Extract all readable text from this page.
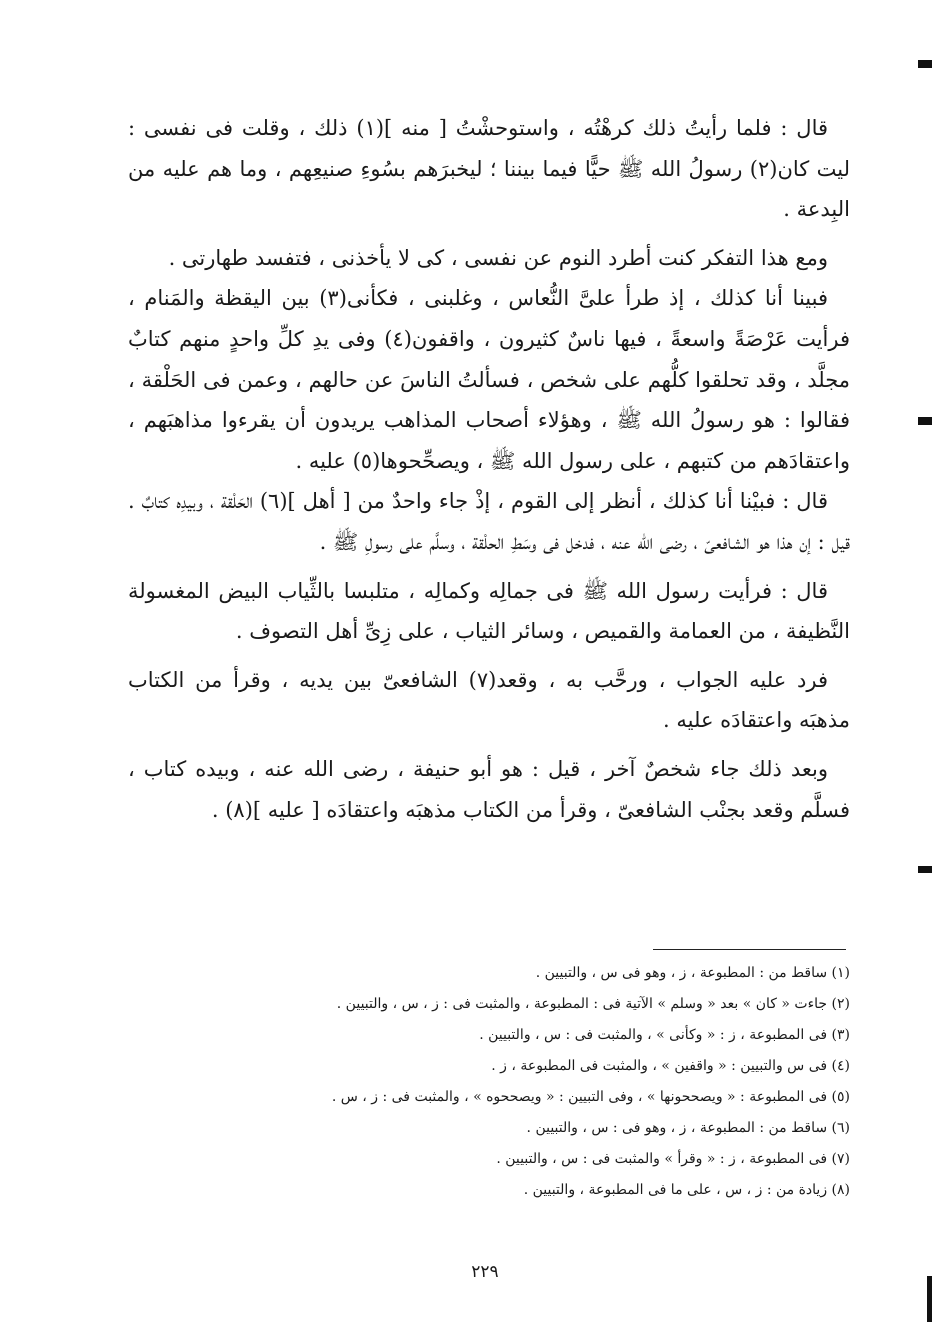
قال : فلما رأيتُ ذلك كرهْتُه ، واستوحشْتُ [ منه ](١) ذلك ، وقلت فى نفسى : ليت كان(٢) رسولُ الله ﷺ حيًّا فيما بيننا ؛ ليخبرَهم بسُوءِ صنيعِهم ، وما هم عليه من البِدعة .

ومع هذا التفكر كنت أطرد النوم عن نفسى ، كى لا يأخذنى ، فتفسد طهارتى .

فبينا أنا كذلك ، إذ طرأ علىَّ النُّعاس ، وغلبنى ، فكأنى(٣) بين اليقظة والمَنام ، فرأيت عَرْصَةً واسعةً ، فيها ناسٌ كثيرون ، واقفون(٤) وفى يدِ كلِّ واحدٍ منهم كتابٌ مجلَّد ، وقد تحلقوا كلُّهم على شخص ، فسألتُ الناسَ عن حالهم ، وعمن فى الحَلْقة ، فقالوا : هو رسولُ الله ﷺ ، وهؤلاء أصحاب المذاهب يريدون أن يقرءوا مذاهبَهم ، واعتقادَهم من كتبهم ، على رسول الله ﷺ ، ويصحِّحوها(٥) عليه .

قال : فبيْنا أنا كذلك ، أنظر إلى القوم ، إذْ جاء واحدٌ من [ أهل ](٦) الحَلْقة ، وبيدِه كتابٌ . قيل : إن هذا هو الشافعىّ ، رضى الله عنه ، فدخل فى وسَطِ الحلْقة ، وسلَّم على رسولِ ﷺ .

قال : فرأيت رسول الله ﷺ فى جمالِه وكمالِه ، متلبسا بالثِّياب البيض المغسولة النَّظيفة ، من العمامة والقميص ، وسائر الثياب ، على زِىِّ أهل التصوف .

فرد عليه الجواب ، ورحَّب به ، وقعد(٧) الشافعىّ بين يديه ، وقرأ من الكتاب مذهبَه واعتقادَه عليه .

وبعد ذلك جاء شخصٌ آخر ، قيل : هو أبو حنيفة ، رضى الله عنه ، وبيده كتاب ، فسلَّم وقعد بجنْب الشافعىّ ، وقرأ من الكتاب مذهبَه واعتقادَه [ عليه ](٨) .

(١) ساقط من : المطبوعة ، ز ، وهو فى س ، والتبيين .
(٢) جاءت « كان » بعد « وسلم » الآتية فى : المطبوعة ، والمثبت فى : ز ، س ، والتبيين .
(٣) فى المطبوعة ، ز : « وكأنى » ، والمثبت فى : س ، والتبيين .
(٤) فى س والتبيين : « واقفين » ، والمثبت فى المطبوعة ، ز .
(٥) فى المطبوعة : « ويصححونها » ، وفى التبيين : « ويصححوه » ، والمثبت فى : ز ، س .
(٦) ساقط من : المطبوعة ، ز ، وهو فى : س ، والتبيين .
(٧) فى المطبوعة ، ز : « وقرأ » والمثبت فى : س ، والتبيين .
(٨) زيادة من : ز ، س ، على ما فى المطبوعة ، والتبيين .
٢٢٩
